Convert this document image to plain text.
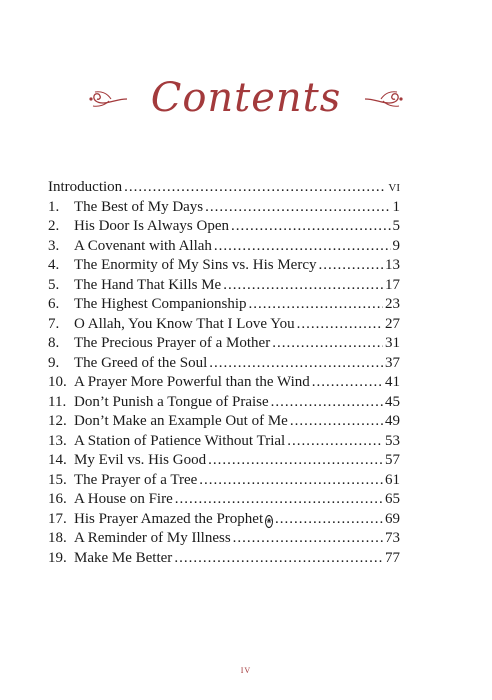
Contents
Introduction .....	vi
1. The Best of My Days .....	1
2. His Door Is Always Open .....	5
3. A Covenant with Allah .....	9
4. The Enormity of My Sins vs. His Mercy .....	13
5. The Hand That Kills Me .....	17
6. The Highest Companionship .....	23
7. O Allah, You Know That I Love You .....	27
8. The Precious Prayer of a Mother .....	31
9. The Greed of the Soul .....	37
10. A Prayer More Powerful than the Wind .....	41
11. Don’t Punish a Tongue of Praise .....	45
12. Don’t Make an Example Out of Me .....	49
13. A Station of Patience Without Trial .....	53
14. My Evil vs. His Good .....	57
15. The Prayer of a Tree .....	61
16. A House on Fire .....	65
17. His Prayer Amazed the Prophet ❀ .....	69
18. A Reminder of My Illness .....	73
19. Make Me Better .....	77
iv
